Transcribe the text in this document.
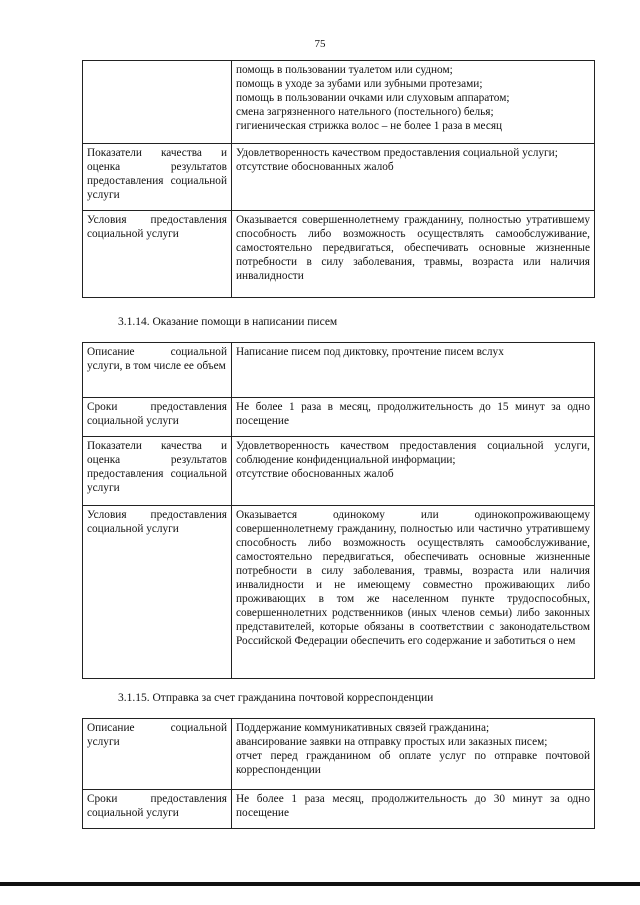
75

	помощь в пользовании туалетом или судном;
помощь в уходе за зубами или зубными протезами;
помощь в пользовании очками или слуховым аппаратом;
смена загрязненного нательного (постельного) белья;
гигиеническая стрижка волос – не более 1 раза в месяц

Показатели качества и оценка результатов предоставления социальной услуги	Удовлетворенность качеством предоставления социальной услуги;
отсутствие обоснованных жалоб

Условия предоставления социальной услуги	Оказывается совершеннолетнему гражданину, полностью утратившему способность либо возможность осуществлять самообслуживание, самостоятельно передвигаться, обеспечивать основные жизненные потребности в силу заболевания, травмы, возраста или наличия инвалидности
3.1.14. Оказание помощи в написании писем
Описание социальной услуги, в том числе ее объем	Написание писем под диктовку, прочтение писем вслух
Сроки предоставления социальной услуги	Не более 1 раза в месяц, продолжительность до 15 минут за одно посещение
Показатели качества и оценка результатов предоставления социальной услуги	Удовлетворенность качеством предоставления социальной услуги, соблюдение конфиденциальной информации;
отсутствие обоснованных жалоб

Условия предоставления социальной услуги	Оказывается одинокому или одинокопроживающему совершеннолетнему гражданину, полностью или частично утратившему способность либо возможность осуществлять самообслуживание, самостоятельно передвигаться, обеспечивать основные жизненные потребности в силу заболевания, травмы, возраста или наличия инвалидности и не имеющему совместно проживающих либо проживающих в том же населенном пункте трудоспособных, совершеннолетних родственников (иных членов семьи) либо законных представителей, которые обязаны в соответствии с законодательством Российской Федерации обеспечить его содержание и заботиться о нем
3.1.15. Отправка за счет гражданина почтовой корреспонденции
Описание социальной услуги	Поддержание коммуникативных связей гражданина;
авансирование заявки на отправку простых или заказных писем;
отчет перед гражданином об оплате услуг по отправке почтовой корреспонденции

Сроки предоставления социальной услуги	Не более 1 раза месяц, продолжительность до 30 минут за одно посещение
